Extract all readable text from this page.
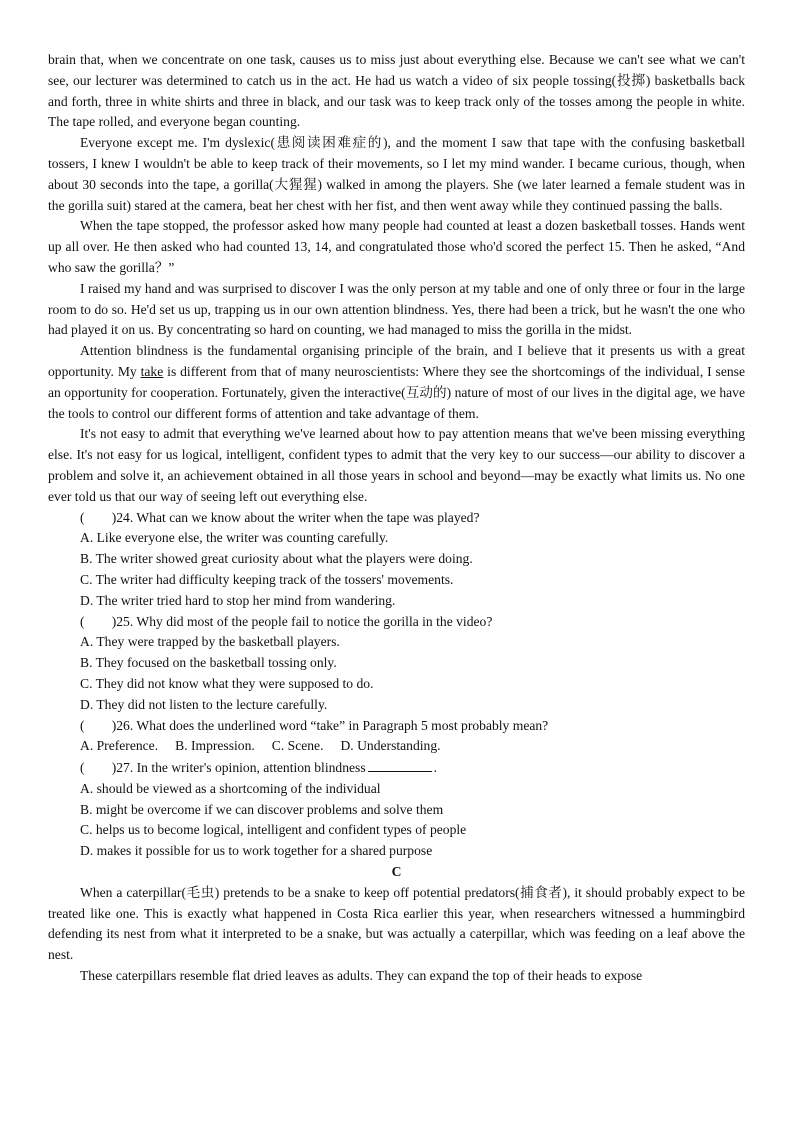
brain that, when we concentrate on one task, causes us to miss just about everything else. Because we can't see what we can't see, our lecturer was determined to catch us in the act. He had us watch a video of six people tossing(投掷) basketballs back and forth, three in white shirts and three in black, and our task was to keep track only of the tosses among the people in white. The tape rolled, and everyone began counting.

Everyone except me. I'm dyslexic(患阅读困难症的), and the moment I saw that tape with the confusing basketball tossers, I knew I wouldn't be able to keep track of their movements, so I let my mind wander. I became curious, though, when about 30 seconds into the tape, a gorilla(大猩猩) walked in among the players. She (we later learned a female student was in the gorilla suit) stared at the camera, beat her chest with her fist, and then went away while they continued passing the balls.

When the tape stopped, the professor asked how many people had counted at least a dozen basketball tosses. Hands went up all over. He then asked who had counted 13, 14, and congratulated those who'd scored the perfect 15. Then he asked, “And who saw the gorilla？”

I raised my hand and was surprised to discover I was the only person at my table and one of only three or four in the large room to do so. He'd set us up, trapping us in our own attention blindness. Yes, there had been a trick, but he wasn't the one who had played it on us. By concentrating so hard on counting, we had managed to miss the gorilla in the midst.

Attention blindness is the fundamental organising principle of the brain, and I believe that it presents us with a great opportunity. My take is different from that of many neuroscientists: Where they see the shortcomings of the individual, I sense an opportunity for cooperation. Fortunately, given the interactive(互动的) nature of most of our lives in the digital age, we have the tools to control our different forms of attention and take advantage of them.

It's not easy to admit that everything we've learned about how to pay attention means that we've been missing everything else. It's not easy for us logical, intelligent, confident types to admit that the very key to our success—our ability to discover a problem and solve it, an achievement obtained in all those years in school and beyond—may be exactly what limits us. No one ever told us that our way of seeing left out everything else.

(　　)24. What can we know about the writer when the tape was played?

A. Like everyone else, the writer was counting carefully.

B. The writer showed great curiosity about what the players were doing.

C. The writer had difficulty keeping track of the tossers' movements.

D. The writer tried hard to stop her mind from wandering.

(　　)25. Why did most of the people fail to notice the gorilla in the video?

A. They were trapped by the basketball players.

B. They focused on the basketball tossing only.

C. They did not know what they were supposed to do.

D. They did not listen to the lecture carefully.

(　　)26. What does the underlined word “take” in Paragraph 5 most probably mean?

A. Preference.　 B. Impression.　 C. Scene.　 D. Understanding.

(　　)27. In the writer's opinion, attention blindness	.

A. should be viewed as a shortcoming of the individual

B. might be overcome if we can discover problems and solve them

C. helps us to become logical, intelligent and confident types of people

D. makes it possible for us to work together for a shared purpose

C

When a caterpillar(毛虫) pretends to be a snake to keep off potential predators(捕食者), it should probably expect to be treated like one. This is exactly what happened in Costa Rica earlier this year, when researchers witnessed a hummingbird defending its nest from what it interpreted to be a snake, but was actually a caterpillar, which was feeding on a leaf above the nest.

These caterpillars resemble flat dried leaves as adults. They can expand the top of their heads to expose
